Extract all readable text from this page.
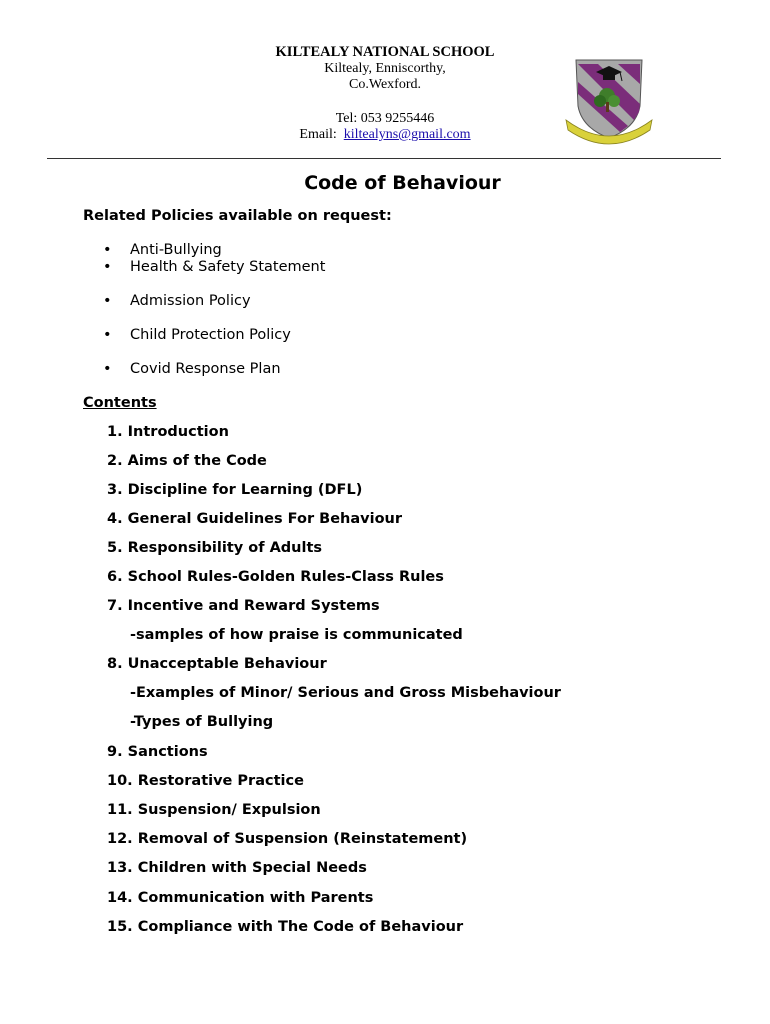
KILTEALY NATIONAL SCHOOL
Kiltealy, Enniscorthy,
Co.Wexford.
Tel: 053 9255446
Email: kiltealyns@gmail.com
Code of Behaviour
Related Policies available on request:
• Anti-Bullying
• Health & Safety Statement
• Admission Policy
• Child Protection Policy
• Covid Response Plan
Contents
1. Introduction
2. Aims of the Code
3. Discipline for Learning (DFL)
4. General Guidelines For Behaviour
5. Responsibility of Adults
6. School Rules-Golden Rules-Class Rules
7. Incentive and Reward Systems
-samples of how praise is communicated
8. Unacceptable Behaviour
-Examples of Minor/ Serious and Gross Misbehaviour
-Types of Bullying
9. Sanctions
10. Restorative Practice
11. Suspension/ Expulsion
12. Removal of Suspension (Reinstatement)
13. Children with Special Needs
14. Communication with Parents
15. Compliance with The Code of Behaviour
